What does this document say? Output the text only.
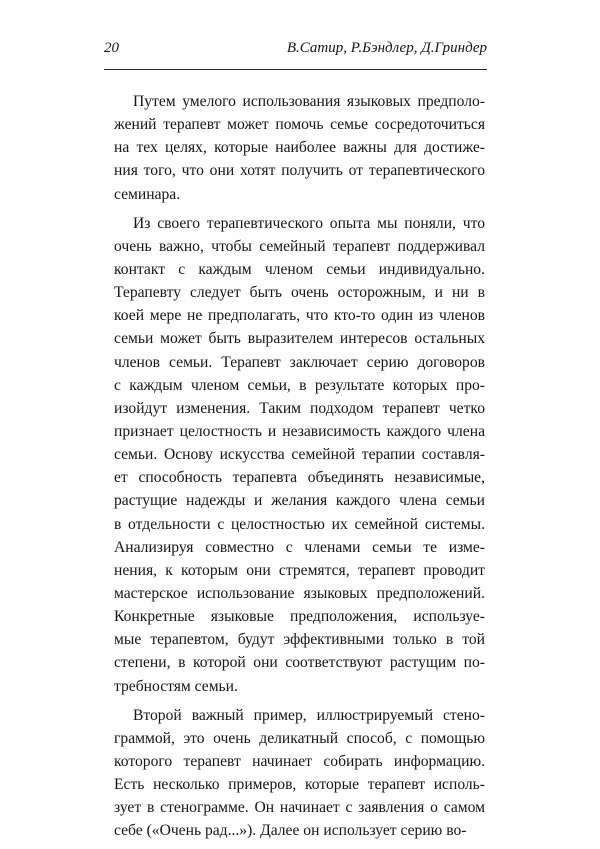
20	В.Сатир, Р.Бэндлер, Д.Гриндер
Путем умелого использования языковых предполо-
жений терапевт может помочь семье сосредоточиться
на тех целях, которые наиболее важны для достиже-
ния того, что они хотят получить от терапевтического
семинара.
Из своего терапевтического опыта мы поняли, что
очень важно, чтобы семейный терапевт поддерживал
контакт с каждым членом семьи индивидуально.
Терапевту следует быть очень осторожным, и ни в
коей мере не предполагать, что кто-то один из членов
семьи может быть выразителем интересов остальных
членов семьи. Терапевт заключает серию договоров
с каждым членом семьи, в результате которых про-
изойдут изменения. Таким подходом терапевт четко
признает целостность и независимость каждого члена
семьи. Основу искусства семейной терапии составля-
ет способность терапевта объединять независимые,
растущие надежды и желания каждого члена семьи
в отдельности с целостностью их семейной системы.
Анализируя совместно с членами семьи те изме-
нения, к которым они стремятся, терапевт проводит
мастерское использование языковых предположений.
Конкретные языковые предположения, используе-
мые терапевтом, будут эффективными только в той
степени, в которой они соответствуют растущим по-
требностям семьи.
Второй важный пример, иллюстрируемый стено-
граммой, это очень деликатный способ, с помощью
которого терапевт начинает собирать информацию.
Есть несколько примеров, которые терапевт исполь-
зует в стенограмме. Он начинает с заявления о самом
себе («Очень рад...»). Далее он использует серию во-
